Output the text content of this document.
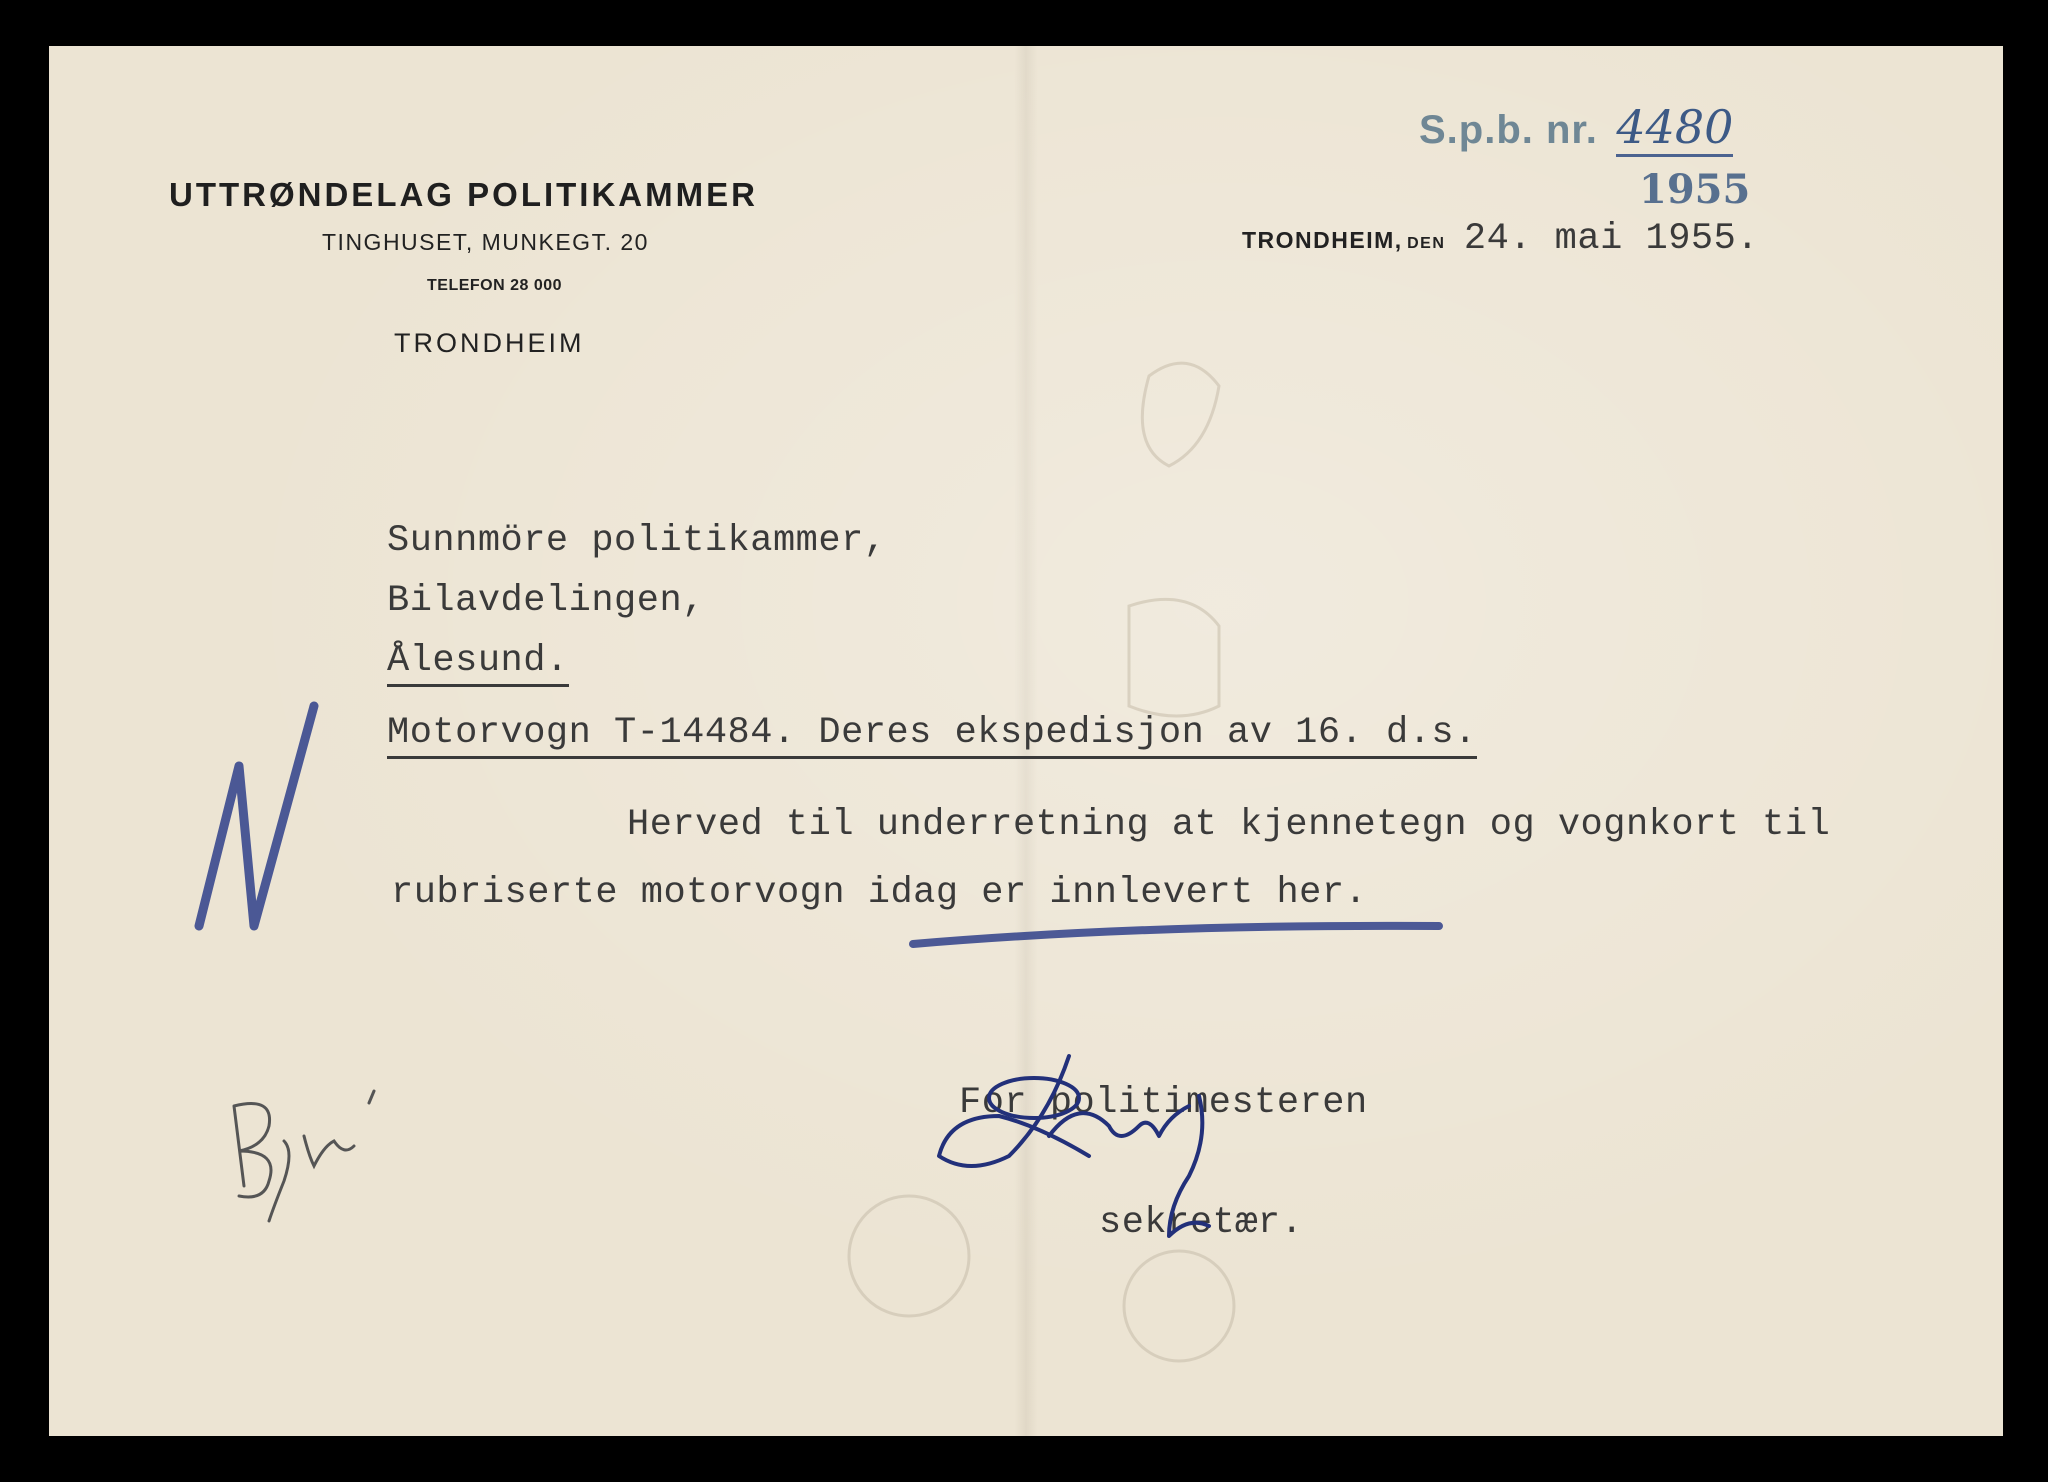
UTTRØNDELAG POLITIKAMMER
TINGHUSET, MUNKEGT. 20
TELEFON 28 000
TRONDHEIM
TRONDHEIM, DEN 24. mai 1955.
S.p.b. nr. 4480
1955
Sunnmöre politikammer,
Bilavdelingen,
Ålesund.
Motorvogn T-14484. Deres ekspedisjon av 16. d.s.
Herved til underretning at kjennetegn og vognkort til
rubriserte motorvogn idag er innlevert her.
For politimesteren
sekretær.
